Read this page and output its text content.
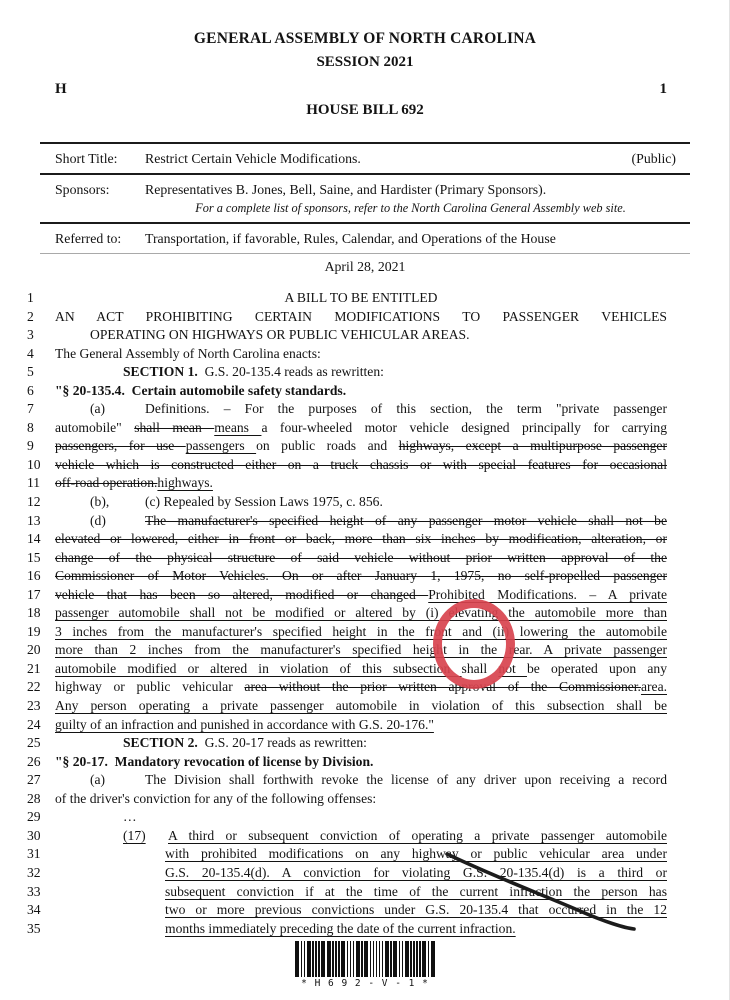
GENERAL ASSEMBLY OF NORTH CAROLINA
SESSION 2021
H	1
HOUSE BILL 692
Short Title:	Restrict Certain Vehicle Modifications.	(Public)
Sponsors:	Representatives B. Jones, Bell, Saine, and Hardister (Primary Sponsors).
For a complete list of sponsors, refer to the North Carolina General Assembly web site.
Referred to:	Transportation, if favorable, Rules, Calendar, and Operations of the House
April 28, 2021
1	A BILL TO BE ENTITLED
2	AN ACT PROHIBITING CERTAIN MODIFICATIONS TO PASSENGER VEHICLES
3	OPERATING ON HIGHWAYS OR PUBLIC VEHICULAR AREAS.
4	The General Assembly of North Carolina enacts:
5	SECTION 1.  G.S. 20-135.4 reads as rewritten:
6	"§ 20-135.4.  Certain automobile safety standards.
7	(a)	Definitions. – For the purposes of this section, the term "private passenger
8	automobile" shall mean means a four-wheeled motor vehicle designed principally for carrying
9	passengers, for use passengers on public roads and highways, except a multipurpose passenger
10	vehicle which is constructed either on a truck chassis or with special features for occasional
11	off-road operation.highways.
12	(b),	(c) Repealed by Session Laws 1975, c. 856.
13	(d)	The manufacturer's specified height of any passenger motor vehicle shall not be
14	elevated or lowered, either in front or back, more than six inches by modification, alteration, or
15	change of the physical structure of said vehicle without prior written approval of the
16	Commissioner of Motor Vehicles. On or after January 1, 1975, no self-propelled passenger
17	vehicle that has been so altered, modified or changed Prohibited Modifications. – A private
18	passenger automobile shall not be modified or altered by (i) elevating the automobile more than
19	3 inches from the manufacturer's specified height in the front and (ii) lowering the automobile
20	more than 2 inches from the manufacturer's specified height in the rear. A private passenger
21	automobile modified or altered in violation of this subsection shall not be operated upon any
22	highway or public vehicular area without the prior written approval of the Commissioner.area.
23	Any person operating a private passenger automobile in violation of this subsection shall be
24	guilty of an infraction and punished in accordance with G.S. 20-176."
25	SECTION 2.  G.S. 20-17 reads as rewritten:
26	"§ 20-17.  Mandatory revocation of license by Division.
27	(a)	The Division shall forthwith revoke the license of any driver upon receiving a record
28	of the driver's conviction for any of the following offenses:
29	…
30	(17) A third or subsequent conviction of operating a private passenger automobile
31	with prohibited modifications on any highway or public vehicular area under
32	G.S. 20-135.4(d). A conviction for violating G.S. 20-135.4(d) is a third or
33	subsequent conviction if at the time of the current infraction the person has
34	two or more previous convictions under G.S. 20-135.4 that occurred in the 12
35	months immediately preceding the date of the current infraction.
* H 6 9 2 - V - 1 *
